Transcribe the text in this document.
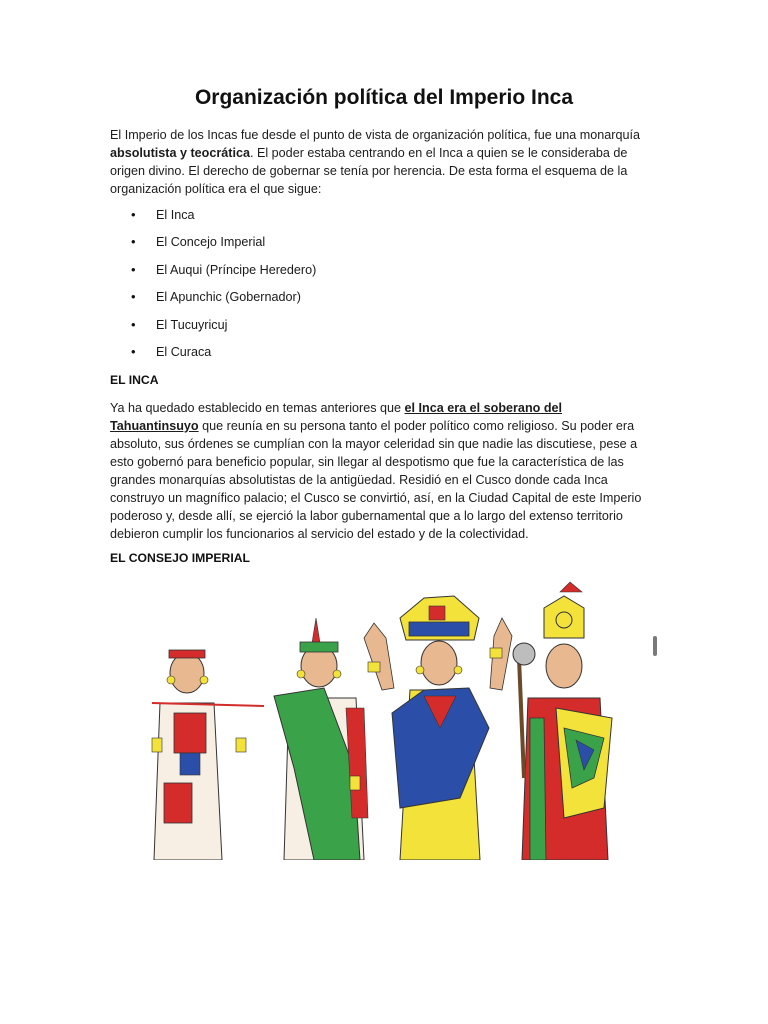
Organización política del Imperio Inca
El Imperio de los Incas fue desde el punto de vista de organización política, fue una monarquía absolutista y teocrática. El poder estaba centrando en el Inca a quien se le consideraba de origen divino. El derecho de gobernar se tenía por herencia. De esta forma el esquema de la organización política era el que sigue:
• El Inca
• El Concejo Imperial
• El Auqui (Príncipe Heredero)
• El Apunchic (Gobernador)
• El Tucuyricuj
• El Curaca
EL INCA
Ya ha quedado establecido en temas anteriores que el Inca era el soberano del Tahuantinsuyo que reunía en su persona tanto el poder político como religioso. Su poder era absoluto, sus órdenes se cumplían con la mayor celeridad sin que nadie las discutiese, pese a esto gobernó para beneficio popular, sin llegar al despotismo que fue la característica de las grandes monarquías absolutistas de la antigüedad. Residió en el Cusco donde cada Inca construyo un magnífico palacio; el Cusco se convirtió, así, en la Ciudad Capital de este Imperio poderoso y, desde allí, se ejerció la labor gubernamental que a lo largo del extenso territorio debieron cumplir los funcionarios al servicio del estado y de la colectividad.
EL CONSEJO IMPERIAL
